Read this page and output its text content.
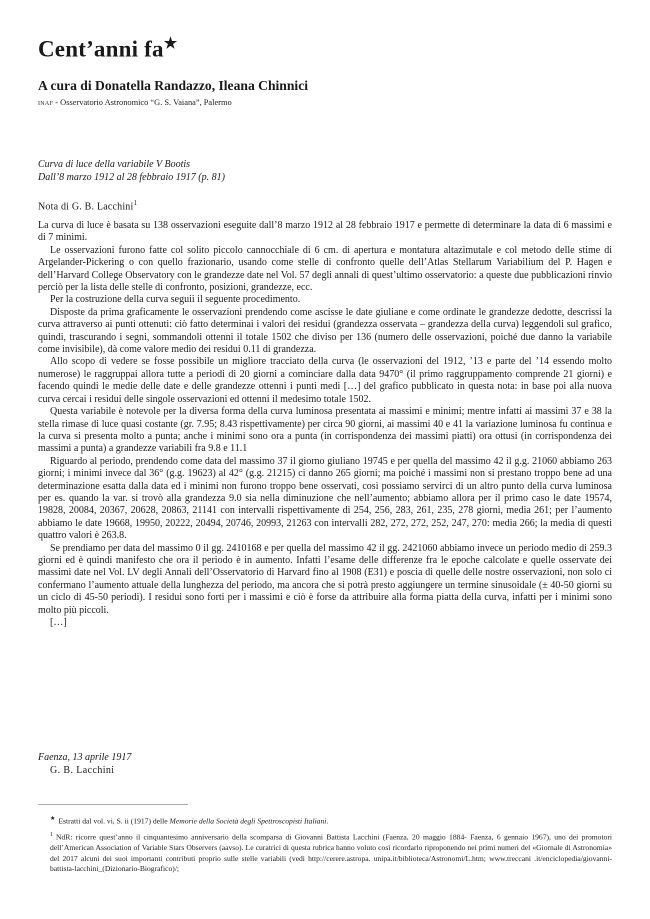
Cent’anni fa★
A cura di Donatella Randazzo, Ileana Chinnici
inaf - Osservatorio Astronomico “G. S. Vaiana”, Palermo
Curva di luce della variabile V Bootis
Dall’8 marzo 1912 al 28 febbraio 1917 (p. 81)
Nota di G. B. Lacchini$^1$

La curva di luce è basata su 138 osservazioni eseguite dall’8 marzo 1912 al 28 febbraio 1917 e permette di determinare la data di 6 massimi e di 7 minimi.

Le osservazioni furono fatte col solito piccolo cannocchiale di 6 cm. di apertura e montatura altazimutale e col metodo delle stime di Argelander-Pickering o con quello frazionario, usando come stelle di confronto quelle dell’Atlas Stellarum Variabilium del P. Hagen e dell’Harvard College Observatory con le grandezze date nel Vol. 57 degli annali di quest’ultimo osservatorio: a queste due pubblicazioni rinvio perciò per la lista delle stelle di confronto, posizioni, grandezze, ecc.

Per la costruzione della curva seguii il seguente procedimento.

Disposte da prima graficamente le osservazioni prendendo come ascisse le date giuliane e come ordinate le grandezze dedotte, descrissi la curva attraverso ai punti ottenuti: ciò fatto determinai i valori dei residui (grandezza osservata – grandezza della curva) leggendoli sul grafico, quindi, trascurando i segni, sommandoli ottenni il totale 1502 che diviso per 136 (numero delle osservazioni, poiché due danno la variabile come invisibile), dà come valore medio dei residui 0.11 di grandezza.

Allo scopo di vedere se fosse possibile un migliore tracciato della curva (le osservazioni del 1912, ’13 e parte del ’14 essendo molto numerose) le raggruppai allora tutte a periodi di 20 giorni a cominciare dalla data 9470° (il primo raggruppamento comprende 21 giorni) e facendo quindi le medie delle date e delle grandezze ottenni i punti medi […] del grafico pubblicato in questa nota: in base poi alla nuova curva cercai i residui delle singole osservazioni ed ottenni il medesimo totale 1502.

Questa variabile è notevole per la diversa forma della curva luminosa presentata ai massimi e minimi; mentre infatti ai massimi 37 e 38 la stella rimase di luce quasi costante (gr. 7.95; 8.43 rispettivamente) per circa 90 giorni, ai massimi 40 e 41 la variazione luminosa fu continua e la curva si presenta molto a punta; anche i minimi sono ora a punta (in corrispondenza dei massimi piatti) ora ottusi (in corrispondenza dei massimi a punta) a grandezze variabili fra 9.8 e 11.1

Riguardo al periodo, prendendo come data del massimo 37 il giorno giuliano 19745 e per quella del massimo 42 il g.g. 21060 abbiamo 263 giorni; i minimi invece dal 36° (g.g. 19623) al 42° (g.g. 21215) ci danno 265 giorni; ma poiché i massimi non si prestano troppo bene ad una determinazione esatta dalla data ed i minimi non furono troppo bene osservati, così possiamo servirci di un altro punto della curva luminosa per es. quando la var. si trovò alla grandezza 9.0 sia nella diminuzione che nell’aumento; abbiamo allora per il primo caso le date 19574, 19828, 20084, 20367, 20628, 20863, 21141 con intervalli rispettivamente di 254, 256, 283, 261, 235, 278 giorni, media 261; per l’aumento abbiamo le date 19668, 19950, 20222, 20494, 20746, 20993, 21263 con intervalli 282, 272, 272, 252, 247, 270: media 266; la media di questi quattro valori è 263.8.

Se prendiamo per data del massimo 0 il gg. 2410168 e per quella del massimo 42 il gg. 2421060 abbiamo invece un periodo medio di 259.3 giorni ed è quindi manifesto che ora il periodo è in aumento. Infatti l’esame delle differenze fra le epoche calcolate e quelle osservate dei massimi date nel Vol. LV degli Annali dell’Osservatorio di Harvard fino al 1908 (E31) e poscia di quelle delle nostre osservazioni, non solo ci confermano l’aumento attuale della lunghezza del periodo, ma ancora che si potrà presto aggiungere un termine sinusoidale (± 40-50 giorni su un ciclo di 45-50 periodi). I residui sono forti per i massimi e ciò è forse da attribuire alla forma piatta della curva, infatti per i minimi sono molto più piccoli.

[…]

Faenza, 13 aprile 1917
G. B. Lacchini
★ Estratti dal vol. vi, S. ii (1917) delle Memorie della Società degli Spettroscopisti Italiani.
$^1$ NdR: ricorre quest’anno il cinquantesimo anniversario della scomparsa di Giovanni Battista Lacchini (Faenza, 20 maggio 1884- Faenza, 6 gennaio 1967), uno dei promotori dell’American Association of Variable Stars Observers (aavso). Le curatrici di questa rubrica hanno voluto così ricordarlo riproponendo nei primi numeri del «Giornale di Astronomia» del 2017 alcuni dei suoi importanti contributi proprio sulle stelle variabili (vedi http://cerere.astropa. unipa.it/biblioteca/Astronomi/L.htm; www.treccani .it/enciclopedia/giovanni-battista-lacchini_(Dizionario-Biografico)/;
